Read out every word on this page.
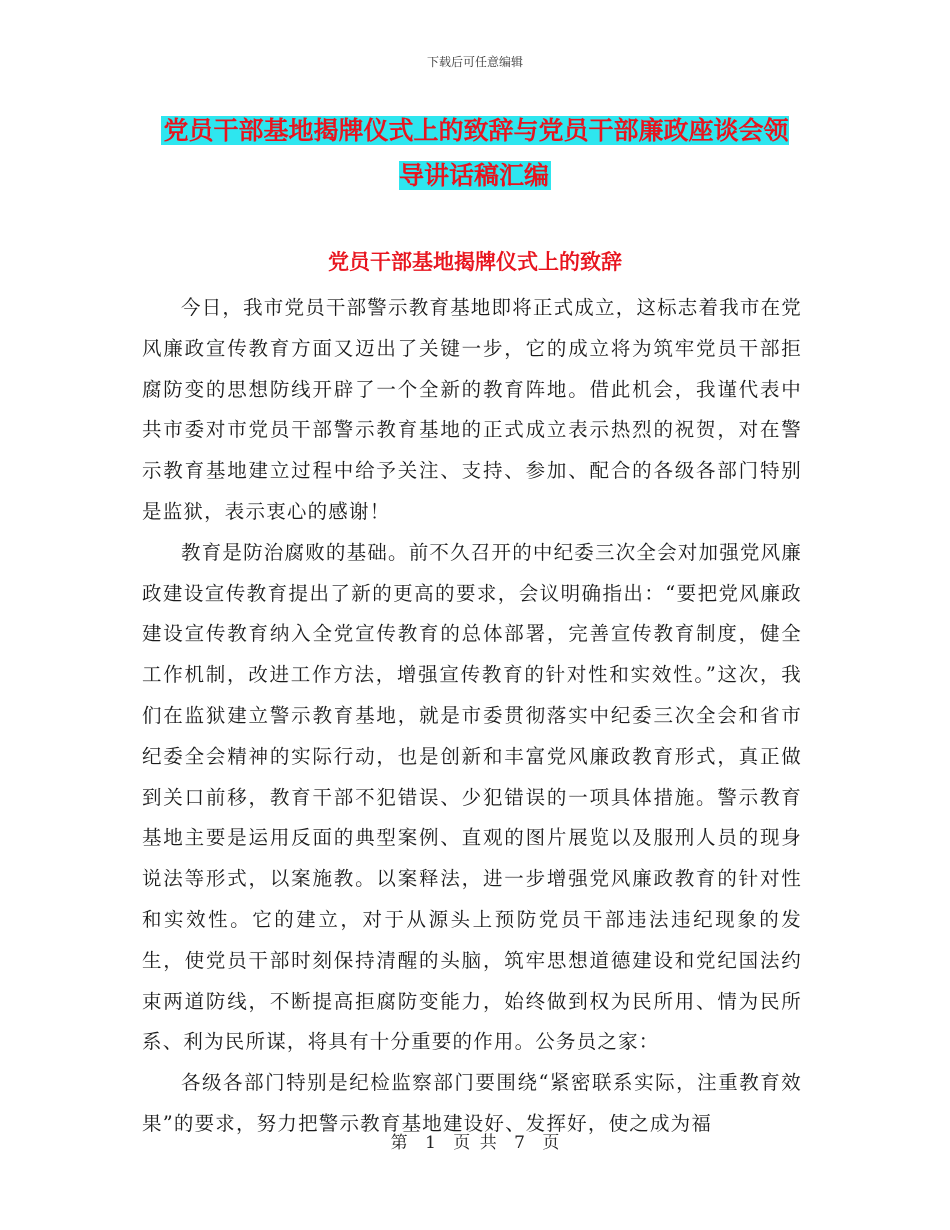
下载后可任意编辑
党员干部基地揭牌仪式上的致辞与党员干部廉政座谈会领导讲话稿汇编
党员干部基地揭牌仪式上的致辞

今日，我市党员干部警示教育基地即将正式成立，这标志着我市在党风廉政宣传教育方面又迈出了关键一步，它的成立将为筑牢党员干部拒腐防变的思想防线开辟了一个全新的教育阵地。借此机会，我谨代表中共市委对市党员干部警示教育基地的正式成立表示热烈的祝贺，对在警示教育基地建立过程中给予关注、支持、参加、配合的各级各部门特别是监狱，表示衷心的感谢！

教育是防治腐败的基础。前不久召开的中纪委三次全会对加强党风廉政建设宣传教育提出了新的更高的要求，会议明确指出：“要把党风廉政建设宣传教育纳入全党宣传教育的总体部署，完善宣传教育制度，健全工作机制，改进工作方法，增强宣传教育的针对性和实效性。”这次，我们在监狱建立警示教育基地，就是市委贯彻落实中纪委三次全会和省市纪委全会精神的实际行动，也是创新和丰富党风廉政教育形式，真正做到关口前移，教育干部不犯错误、少犯错误的一项具体措施。警示教育基地主要是运用反面的典型案例、直观的图片展览以及服刑人员的现身说法等形式，以案施教。以案释法，进一步增强党风廉政教育的针对性和实效性。它的建立，对于从源头上预防党员干部违法违纪现象的发生，使党员干部时刻保持清醒的头脑，筑牢思想道德建设和党纪国法约束两道防线，不断提高拒腐防变能力，始终做到权为民所用、情为民所系、利为民所谋，将具有十分重要的作用。公务员之家：

各级各部门特别是纪检监察部门要围绕“紧密联系实际，注重教育效果”的要求，努力把警示教育基地建设好、发挥好，使之成为福

第 1 页 共 7 页
